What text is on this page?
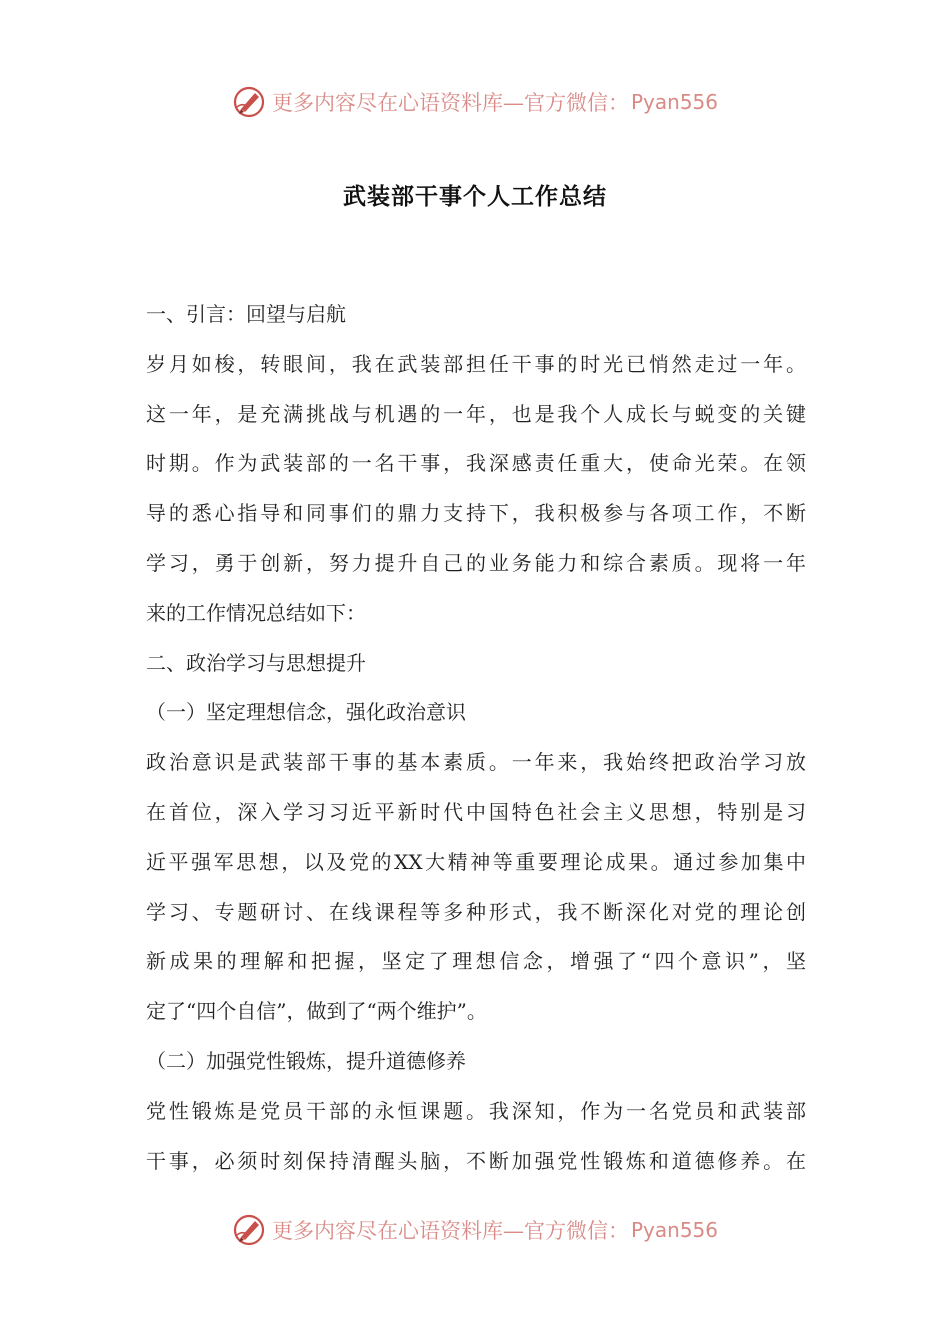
更多内容尽在心语资料库—官方微信： Pyan556
武装部干事个人工作总结
一、引言：回望与启航
岁月如梭，转眼间，我在武装部担任干事的时光已悄然走过一年。
这一年，是充满挑战与机遇的一年，也是我个人成长与蜕变的关键
时期。作为武装部的一名干事，我深感责任重大，使命光荣。在领
导的悉心指导和同事们的鼎力支持下，我积极参与各项工作，不断
学习，勇于创新，努力提升自己的业务能力和综合素质。现将一年
来的工作情况总结如下：
二、政治学习与思想提升
（一）坚定理想信念，强化政治意识
政治意识是武装部干事的基本素质。一年来，我始终把政治学习放
在首位，深入学习习近平新时代中国特色社会主义思想，特别是习
近平强军思想，以及党的XX大精神等重要理论成果。通过参加集中
学习、专题研讨、在线课程等多种形式，我不断深化对党的理论创
新成果的理解和把握，坚定了理想信念，增强了“四个意识”，坚
定了“四个自信”，做到了“两个维护”。
（二）加强党性锻炼，提升道德修养
党性锻炼是党员干部的永恒课题。我深知，作为一名党员和武装部
干事，必须时刻保持清醒头脑，不断加强党性锻炼和道德修养。在
更多内容尽在心语资料库—官方微信： Pyan556
